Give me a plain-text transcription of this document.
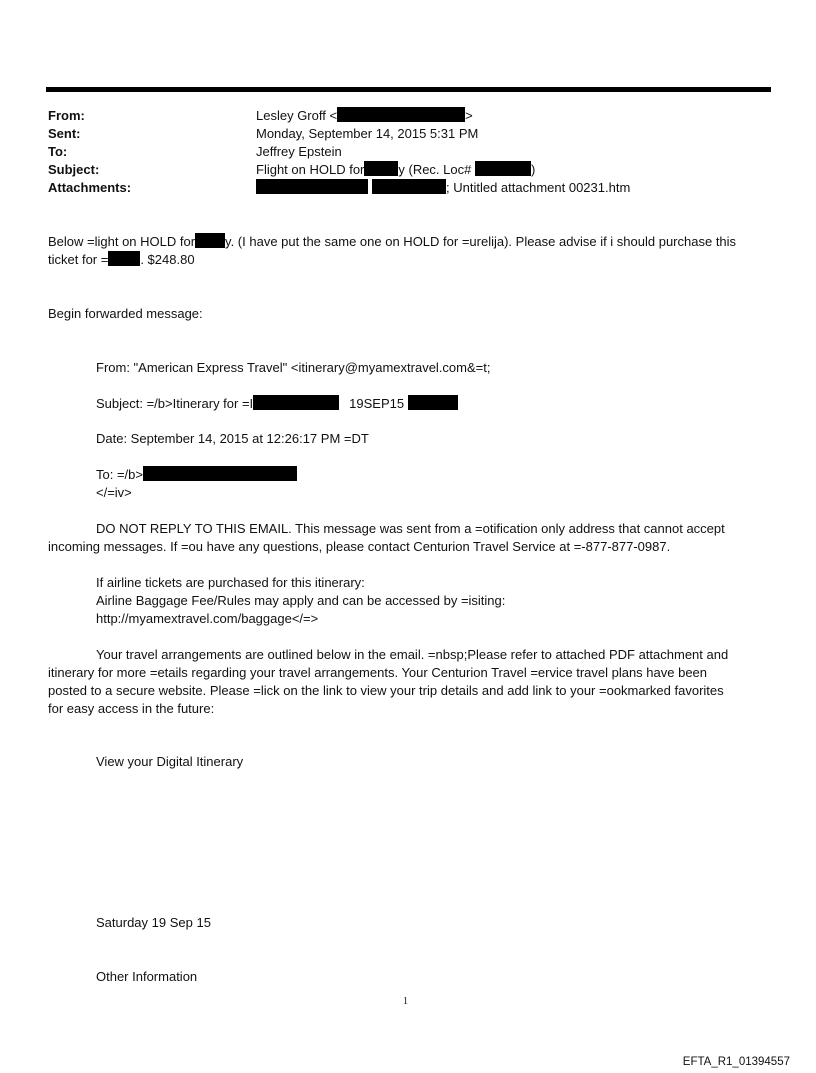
From:	Lesley Groff <	>
Sent:	Monday, September 14, 2015 5:31 PM
To:	Jeffrey Epstein
Subject:	Flight on HOLD for	y (Rec. Loc#	)
Attachments:	; Untitled attachment 00231.htm
Below =light on HOLD for y. (I have put the same one on HOLD for =urelija). Please advise if i should purchase this
ticket for = . $248.80
Begin forwarded message:
From: "American Express Travel" <itinerary@myamextravel.com&=t;
Subject: =/b>Itinerary for =I	19SEP15
Date: September 14, 2015 at 12:26:17 PM =DT
To: =/b>
</=iv>
DO NOT REPLY TO THIS EMAIL. This message was sent from a =otification only address that cannot accept
incoming messages. If =ou have any questions, please contact Centurion Travel Service at =-877-877-0987.
If airline tickets are purchased for this itinerary:
Airline Baggage Fee/Rules may apply and can be accessed by =isiting:
http://myamextravel.com/baggage</=>
Your travel arrangements are outlined below in the email. =nbsp;Please refer to attached PDF attachment and
itinerary for more =etails regarding your travel arrangements. Your Centurion Travel =ervice travel plans have been
posted to a secure website. Please =lick on the link to view your trip details and add link to your =ookmarked favorites
for easy access in the future:
View your Digital Itinerary
Saturday 19 Sep 15
Other Information
1
EFTA_R1_01394557
